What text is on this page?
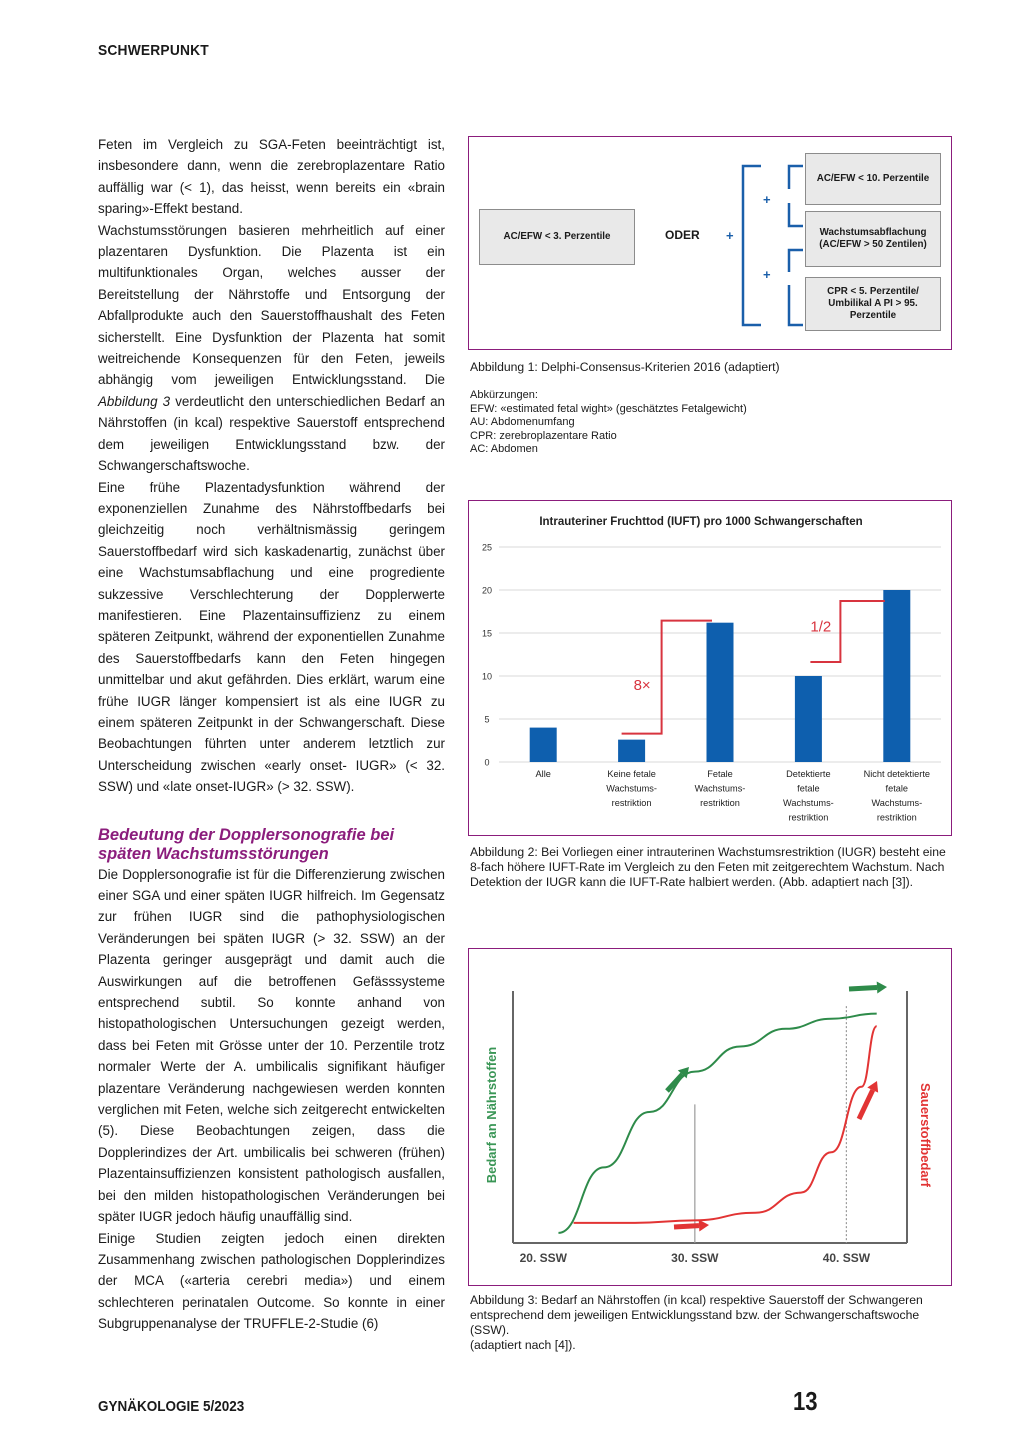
SCHWERPUNKT

Feten im Vergleich zu SGA-Feten beeinträchtigt ist, insbesondere dann, wenn die zerebroplazentare Ratio auffällig war (< 1), das heisst, wenn bereits ein «brain sparing»-Effekt bestand.

Wachstumsstörungen basieren mehrheitlich auf einer plazentaren Dysfunktion. Die Plazenta ist ein multifunktionales Organ, welches ausser der Bereitstellung der Nährstoffe und Entsorgung der Abfallprodukte auch den Sauerstoffhaushalt des Feten sicherstellt. Eine Dysfunktion der Plazenta hat somit weitreichende Konsequenzen für den Feten, jeweils abhängig vom jeweiligen Entwicklungsstand. Die Abbildung 3 verdeutlicht den unterschiedlichen Bedarf an Nährstoffen (in kcal) respektive Sauerstoff entsprechend dem jeweiligen Entwicklungsstand bzw. der Schwangerschaftswoche.

Eine frühe Plazentadysfunktion während der exponenziellen Zunahme des Nährstoffbedarfs bei gleichzeitig noch verhältnismässig geringem Sauerstoffbedarf wird sich kaskadenartig, zunächst über eine Wachstumsabflachung und eine progrediente sukzessive Verschlechterung der Dopplerwerte manifestieren. Eine Plazentainsuffizienz zu einem späteren Zeitpunkt, während der exponentiellen Zunahme des Sauerstoffbedarfs kann den Feten hingegen unmittelbar und akut gefährden. Dies erklärt, warum eine frühe IUGR länger kompensiert ist als eine IUGR zu einem späteren Zeitpunkt in der Schwangerschaft. Diese Beobachtungen führten unter anderem letztlich zur Unterscheidung zwischen «early onset- IUGR» (< 32. SSW) und «late onset-IUGR» (> 32. SSW).

Bedeutung der Dopplersonografie bei späten Wachstumsstörungen

Die Dopplersonografie ist für die Differenzierung zwischen einer SGA und einer späten IUGR hilfreich. Im Gegensatz zur frühen IUGR sind die pathophysiologischen Veränderungen bei späten IUGR (> 32. SSW) an der Plazenta geringer ausgeprägt und damit auch die Auswirkungen auf die betroffenen Gefässsysteme entsprechend subtil. So konnte anhand von histopathologischen Untersuchungen gezeigt werden, dass bei Feten mit Grösse unter der 10. Perzentile trotz normaler Werte der A. umbilicalis signifikant häufiger plazentare Veränderung nachgewiesen werden konnten verglichen mit Feten, welche sich zeitgerecht entwickelten (5). Diese Beobachtungen zeigen, dass die Dopplerindizes der Art. umbilicalis bei schweren (frühen) Plazentainsuffizienzen konsistent pathologisch ausfallen, bei den milden histopathologischen Veränderungen bei später IUGR jedoch häufig unauffällig sind.

Einige Studien zeigten jedoch einen direkten Zusammenhang zwischen pathologischen Dopplerindizes der MCA («arteria cerebri media») und einem schlechteren perinatalen Outcome. So konnte in einer Subgruppenanalyse der TRUFFLE-2-Studie (6)

AC/EFW < 3. Perzentile	ODER +
+
+
AC/EFW < 10. Perzentile
Wachstumsabflachung (AC/EFW > 50 Zentilen)
CPR < 5. Perzentile/ Umbilikal A PI > 95. Perzentile
Abbildung 1: Delphi-Consensus-Kriterien 2016 (adaptiert)
Abkürzungen:
EFW: «estimated fetal wight» (geschätztes Fetalgewicht)
AU: Abdomenumfang
CPR: zerebroplazentare Ratio
AC: Abdomen
Intrauteriner Fruchttod (IUFT) pro 1000 Schwangerschaften
0
5
10
15
20
25
Alle	Keine fetale Wachstums-restriktion
Fetale Wachstums-restriktion
Detektierte fetale Wachstums-restriktion
Nicht detektierte fetale Wachstums-restriktion
8×
1/2
Abbildung 2: Bei Vorliegen einer intrauterinen Wachstumsrestriktion (IUGR) besteht eine 8-fach höhere IUFT-Rate im Vergleich zu den Feten mit zeitgerechtem Wachstum. Nach Detektion der IUGR kann die IUFT-Rate halbiert werden. (Abb. adaptiert nach [3]).
Bedarf an Nährstoffen	Sauerstoffbedarf
20. SSW	30. SSW	40. SSW
Abbildung 3: Bedarf an Nährstoffen (in kcal) respektive Sauerstoff der Schwangeren entsprechend dem jeweiligen Entwicklungsstand bzw. der Schwangerschaftswoche (SSW).
(adaptiert nach [4]).
GYNÄKOLOGIE 5/2023	13
